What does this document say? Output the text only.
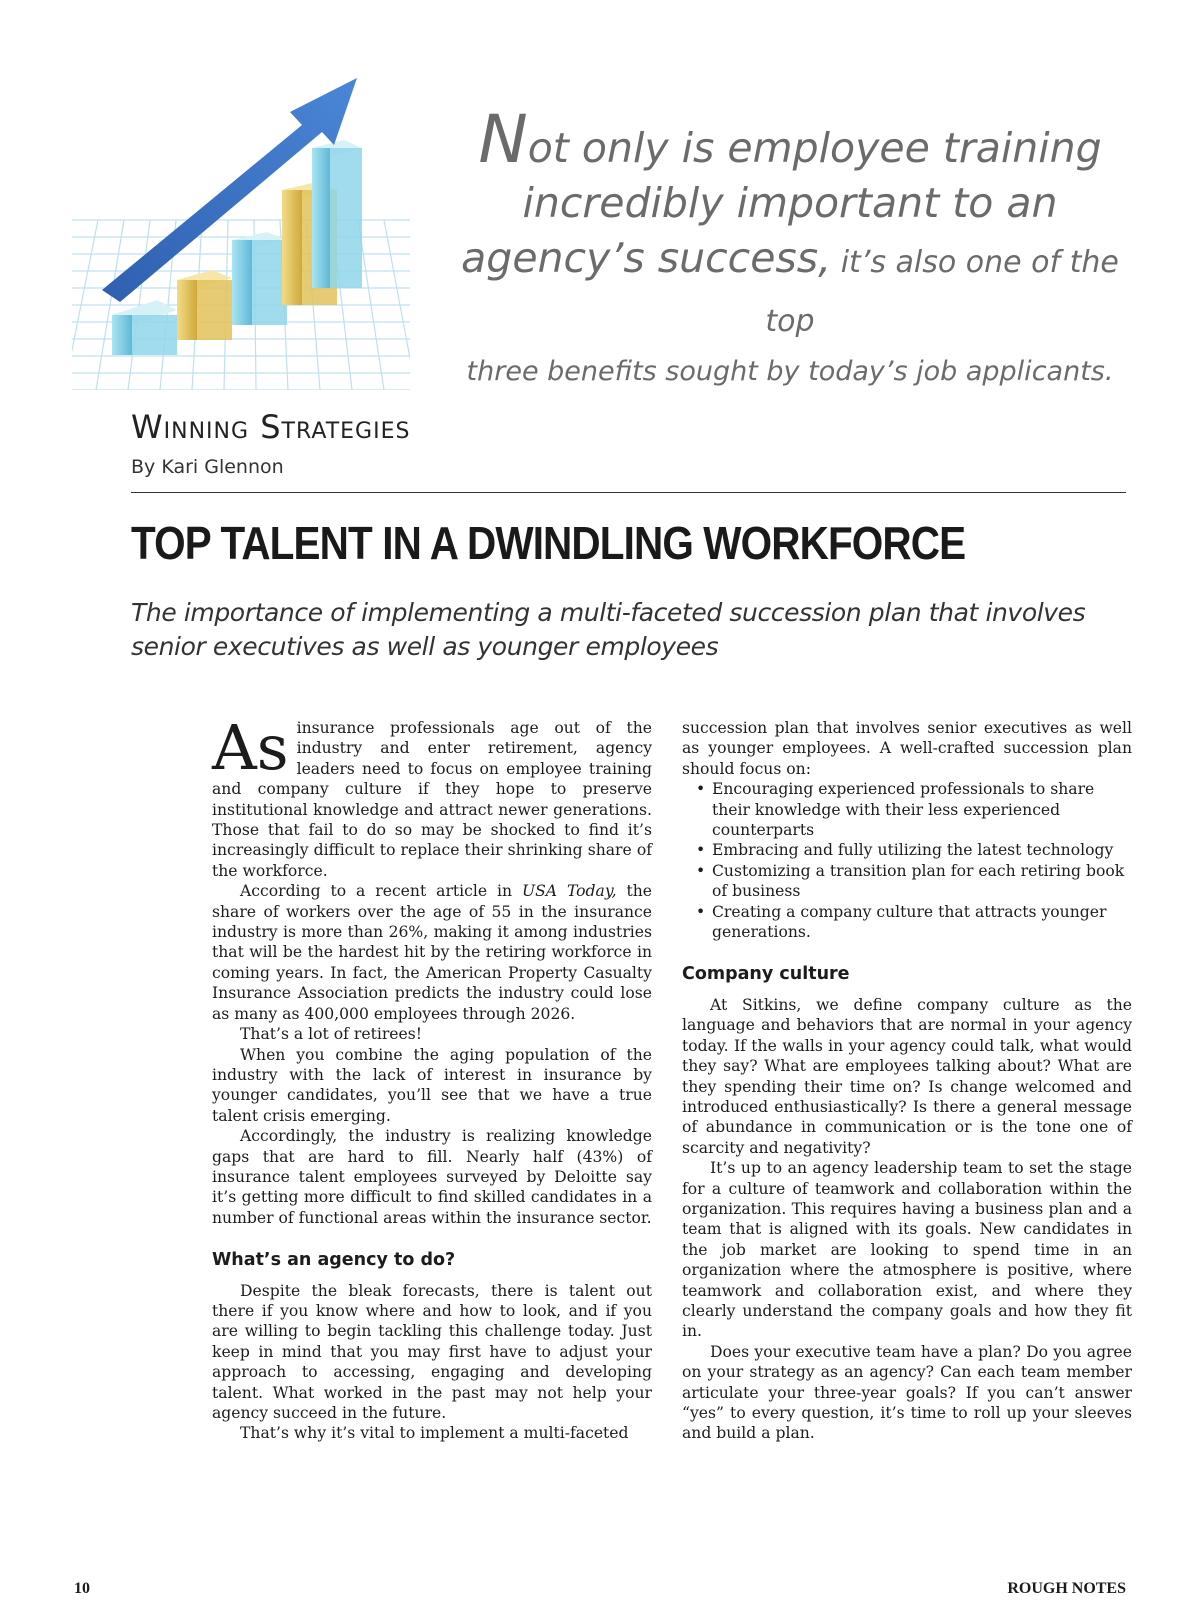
Not only is employee training
incredibly important to an
agency’s success, it’s also one of the top
three benefits sought by today’s job applicants.
Winning Strategies
By Kari Glennon
TOP TALENT IN A DWINDLING WORKFORCE

The importance of implementing a multi-faceted succession plan that involves senior executives as well as younger employees

As insurance professionals age out of the industry and enter retirement, agency leaders need to focus on employee training and company culture if they hope to preserve institutional knowledge and attract newer generations. Those that fail to do so may be shocked to find it’s increasingly difficult to replace their shrinking share of the workforce.

According to a recent article in USA Today, the share of workers over the age of 55 in the insurance industry is more than 26%, making it among industries that will be the hardest hit by the retiring workforce in coming years. In fact, the American Property Casualty Insurance Association predicts the industry could lose as many as 400,000 employees through 2026.

That’s a lot of retirees!

When you combine the aging population of the industry with the lack of interest in insurance by younger candidates, you’ll see that we have a true talent crisis emerging.

Accordingly, the industry is realizing knowledge gaps that are hard to fill. Nearly half (43%) of insurance talent employees surveyed by Deloitte say it’s getting more difficult to find skilled candidates in a number of functional areas within the insurance sector.

What’s an agency to do?

Despite the bleak forecasts, there is talent out there if you know where and how to look, and if you are willing to begin tackling this challenge today. Just keep in mind that you may first have to adjust your approach to accessing, engaging and developing talent. What worked in the past may not help your agency succeed in the future.

That’s why it’s vital to implement a multi-faceted

succession plan that involves senior executives as well as younger employees. A well-crafted succession plan should focus on:

• Encouraging experienced professionals to share their knowledge with their less experienced counterparts
• Embracing and fully utilizing the latest technology
• Customizing a transition plan for each retiring book of business
• Creating a company culture that attracts younger generations.
Company culture

At Sitkins, we define company culture as the language and behaviors that are normal in your agency today. If the walls in your agency could talk, what would they say? What are employees talking about? What are they spending their time on? Is change welcomed and introduced enthusiastically? Is there a general message of abundance in communication or is the tone one of scarcity and negativity?

It’s up to an agency leadership team to set the stage for a culture of teamwork and collaboration within the organization. This requires having a business plan and a team that is aligned with its goals. New candidates in the job market are looking to spend time in an organization where the atmosphere is positive, where teamwork and collaboration exist, and where they clearly understand the company goals and how they fit in.

Does your executive team have a plan? Do you agree on your strategy as an agency? Can each team member articulate your three-year goals? If you can’t answer “yes” to every question, it’s time to roll up your sleeves and build a plan.

10	ROUGH NOTES
